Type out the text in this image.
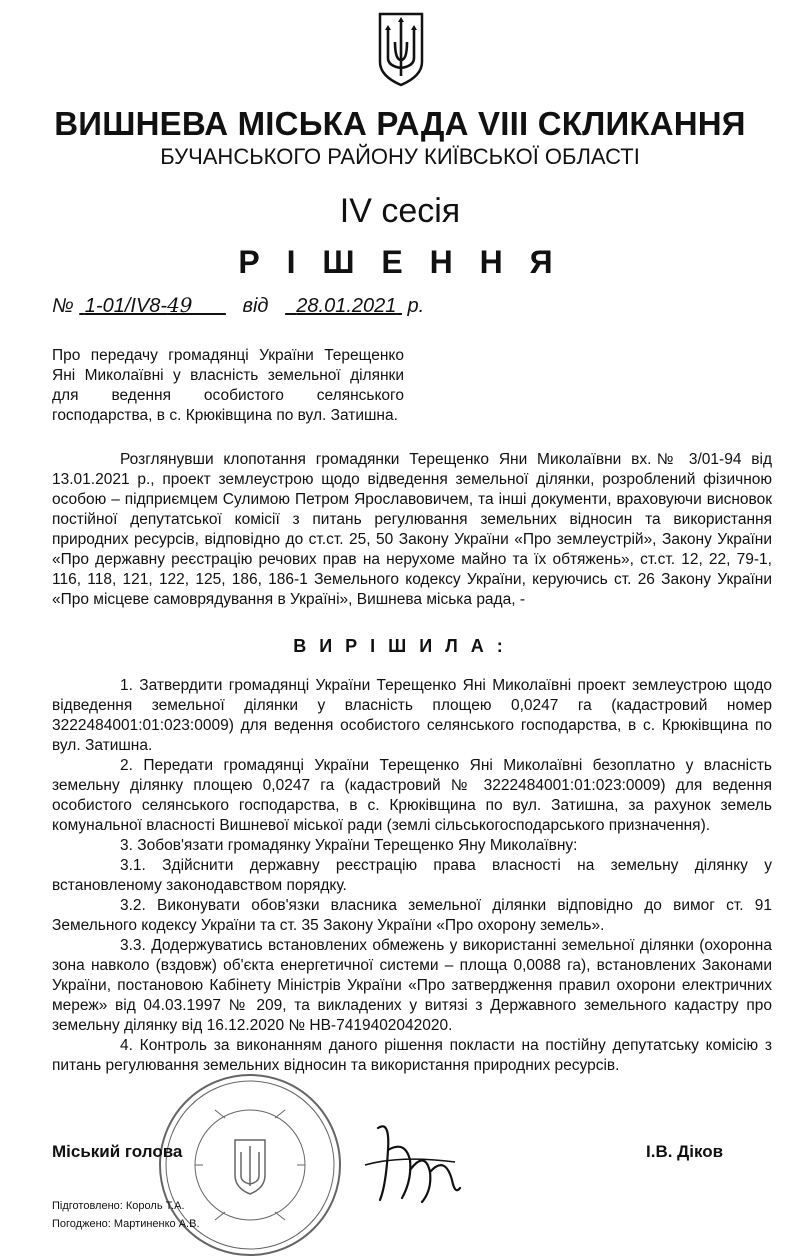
ВИШНЕВА МІСЬКА РАДА VIII СКЛИКАННЯ
БУЧАНСЬКОГО РАЙОНУ КИЇВСЬКОЇ ОБЛАСТІ
IV сесія
Р І Ш Е Н Н Я
№ 1-01/IV8-49	від 28.01.2021 р.
Про передачу громадянці України Терещенко
Яні Миколаївні у власність земельної ділянки
для ведення особистого селянського
господарства, в с. Крюківщина по вул. Затишна.
Розглянувши клопотання громадянки Терещенко Яни Миколаївни вх.№ 3/01-94 від 13.01.2021 р., проект землеустрою щодо відведення земельної ділянки, розроблений фізичною особою – підприємцем Сулимою Петром Ярославовичем, та інші документи, враховуючи висновок постійної депутатської комісії з питань регулювання земельних відносин та використання природних ресурсів, відповідно до ст.ст. 25, 50 Закону України «Про землеустрій», Закону України «Про державну реєстрацію речових прав на нерухоме майно та їх обтяжень», ст.ст. 12, 22, 79-1, 116, 118, 121, 122, 125, 186, 186-1 Земельного кодексу України, керуючись ст. 26 Закону України «Про місцеве самоврядування в Україні», Вишнева міська рада, -
В И Р І Ш И Л А :

1. Затвердити громадянці України Терещенко Яні Миколаївні проект землеустрою щодо відведення земельної ділянки у власність площею 0,0247 га (кадастровий номер 3222484001:01:023:0009) для ведення особистого селянського господарства, в с. Крюківщина по вул. Затишна.

2. Передати громадянці України Терещенко Яні Миколаївні безоплатно у власність земельну ділянку площею 0,0247 га (кадастровий № 3222484001:01:023:0009) для ведення особистого селянського господарства, в с. Крюківщина по вул. Затишна, за рахунок земель комунальної власності Вишневої міської ради (землі сільськогосподарського призначення).

3. Зобов'язати громадянку України Терещенко Яну Миколаївну:

3.1. Здійснити державну реєстрацію права власності на земельну ділянку у встановленому законодавством порядку.

3.2. Виконувати обов'язки власника земельної ділянки відповідно до вимог ст. 91 Земельного кодексу України та ст. 35 Закону України «Про охорону земель».

3.3. Додержуватись встановлених обмежень у використанні земельної ділянки (охоронна зона навколо (вздовж) об'єкта енергетичної системи – площа 0,0088 га), встановлених Законами України, постановою Кабінету Міністрів України «Про затвердження правил охорони електричних мереж» від 04.03.1997 № 209, та викладених у витязі з Державного земельного кадастру про земельну ділянку від 16.12.2020 № НВ-7419402042020.

4. Контроль за виконанням даного рішення покласти на постійну депутатську комісію з питань регулювання земельних відносин та використання природних ресурсів.

Міський голова	І.В. Діков
Підготовлено: Король Т.А.
Погоджено: Мартиненко А.В.
